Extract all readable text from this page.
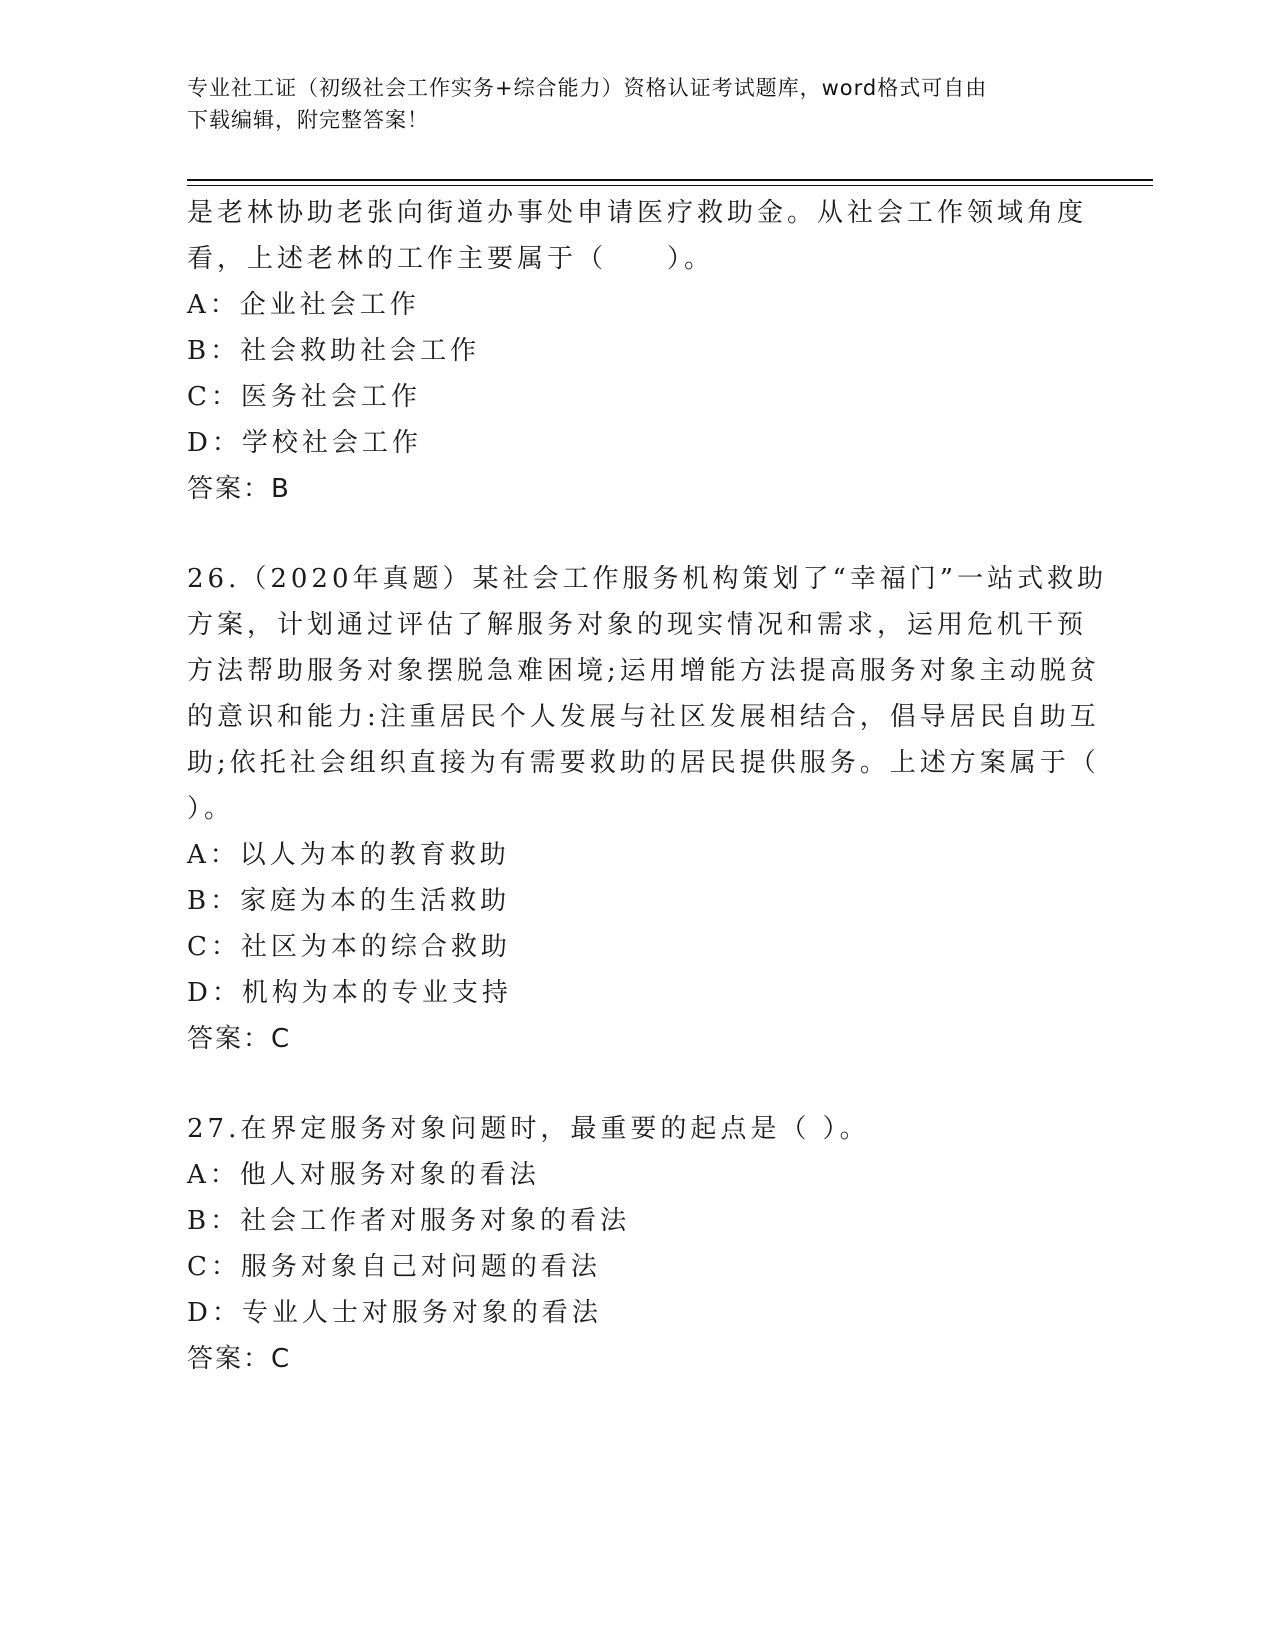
专业社工证（初级社会工作实务+综合能力）资格认证考试题库，word格式可自由
下载编辑，附完整答案！
是老林协助老张向街道办事处申请医疗救助金。从社会工作领域角度
看，上述老林的工作主要属于（　　）。
A：企业社会工作
B：社会救助社会工作
C：医务社会工作
D：学校社会工作
答案：B
26.（2020年真题）某社会工作服务机构策划了“幸福门”一站式救助
方案，计划通过评估了解服务对象的现实情况和需求，运用危机干预
方法帮助服务对象摆脱急难困境;运用增能方法提高服务对象主动脱贫
的意识和能力:注重居民个人发展与社区发展相结合，倡导居民自助互
助;依托社会组织直接为有需要救助的居民提供服务。上述方案属于（
）。
A：以人为本的教育救助
B：家庭为本的生活救助
C：社区为本的综合救助
D：机构为本的专业支持
答案：C
27.在界定服务对象问题时，最重要的起点是（ ）。
A：他人对服务对象的看法
B：社会工作者对服务对象的看法
C：服务对象自己对问题的看法
D：专业人士对服务对象的看法
答案：C
